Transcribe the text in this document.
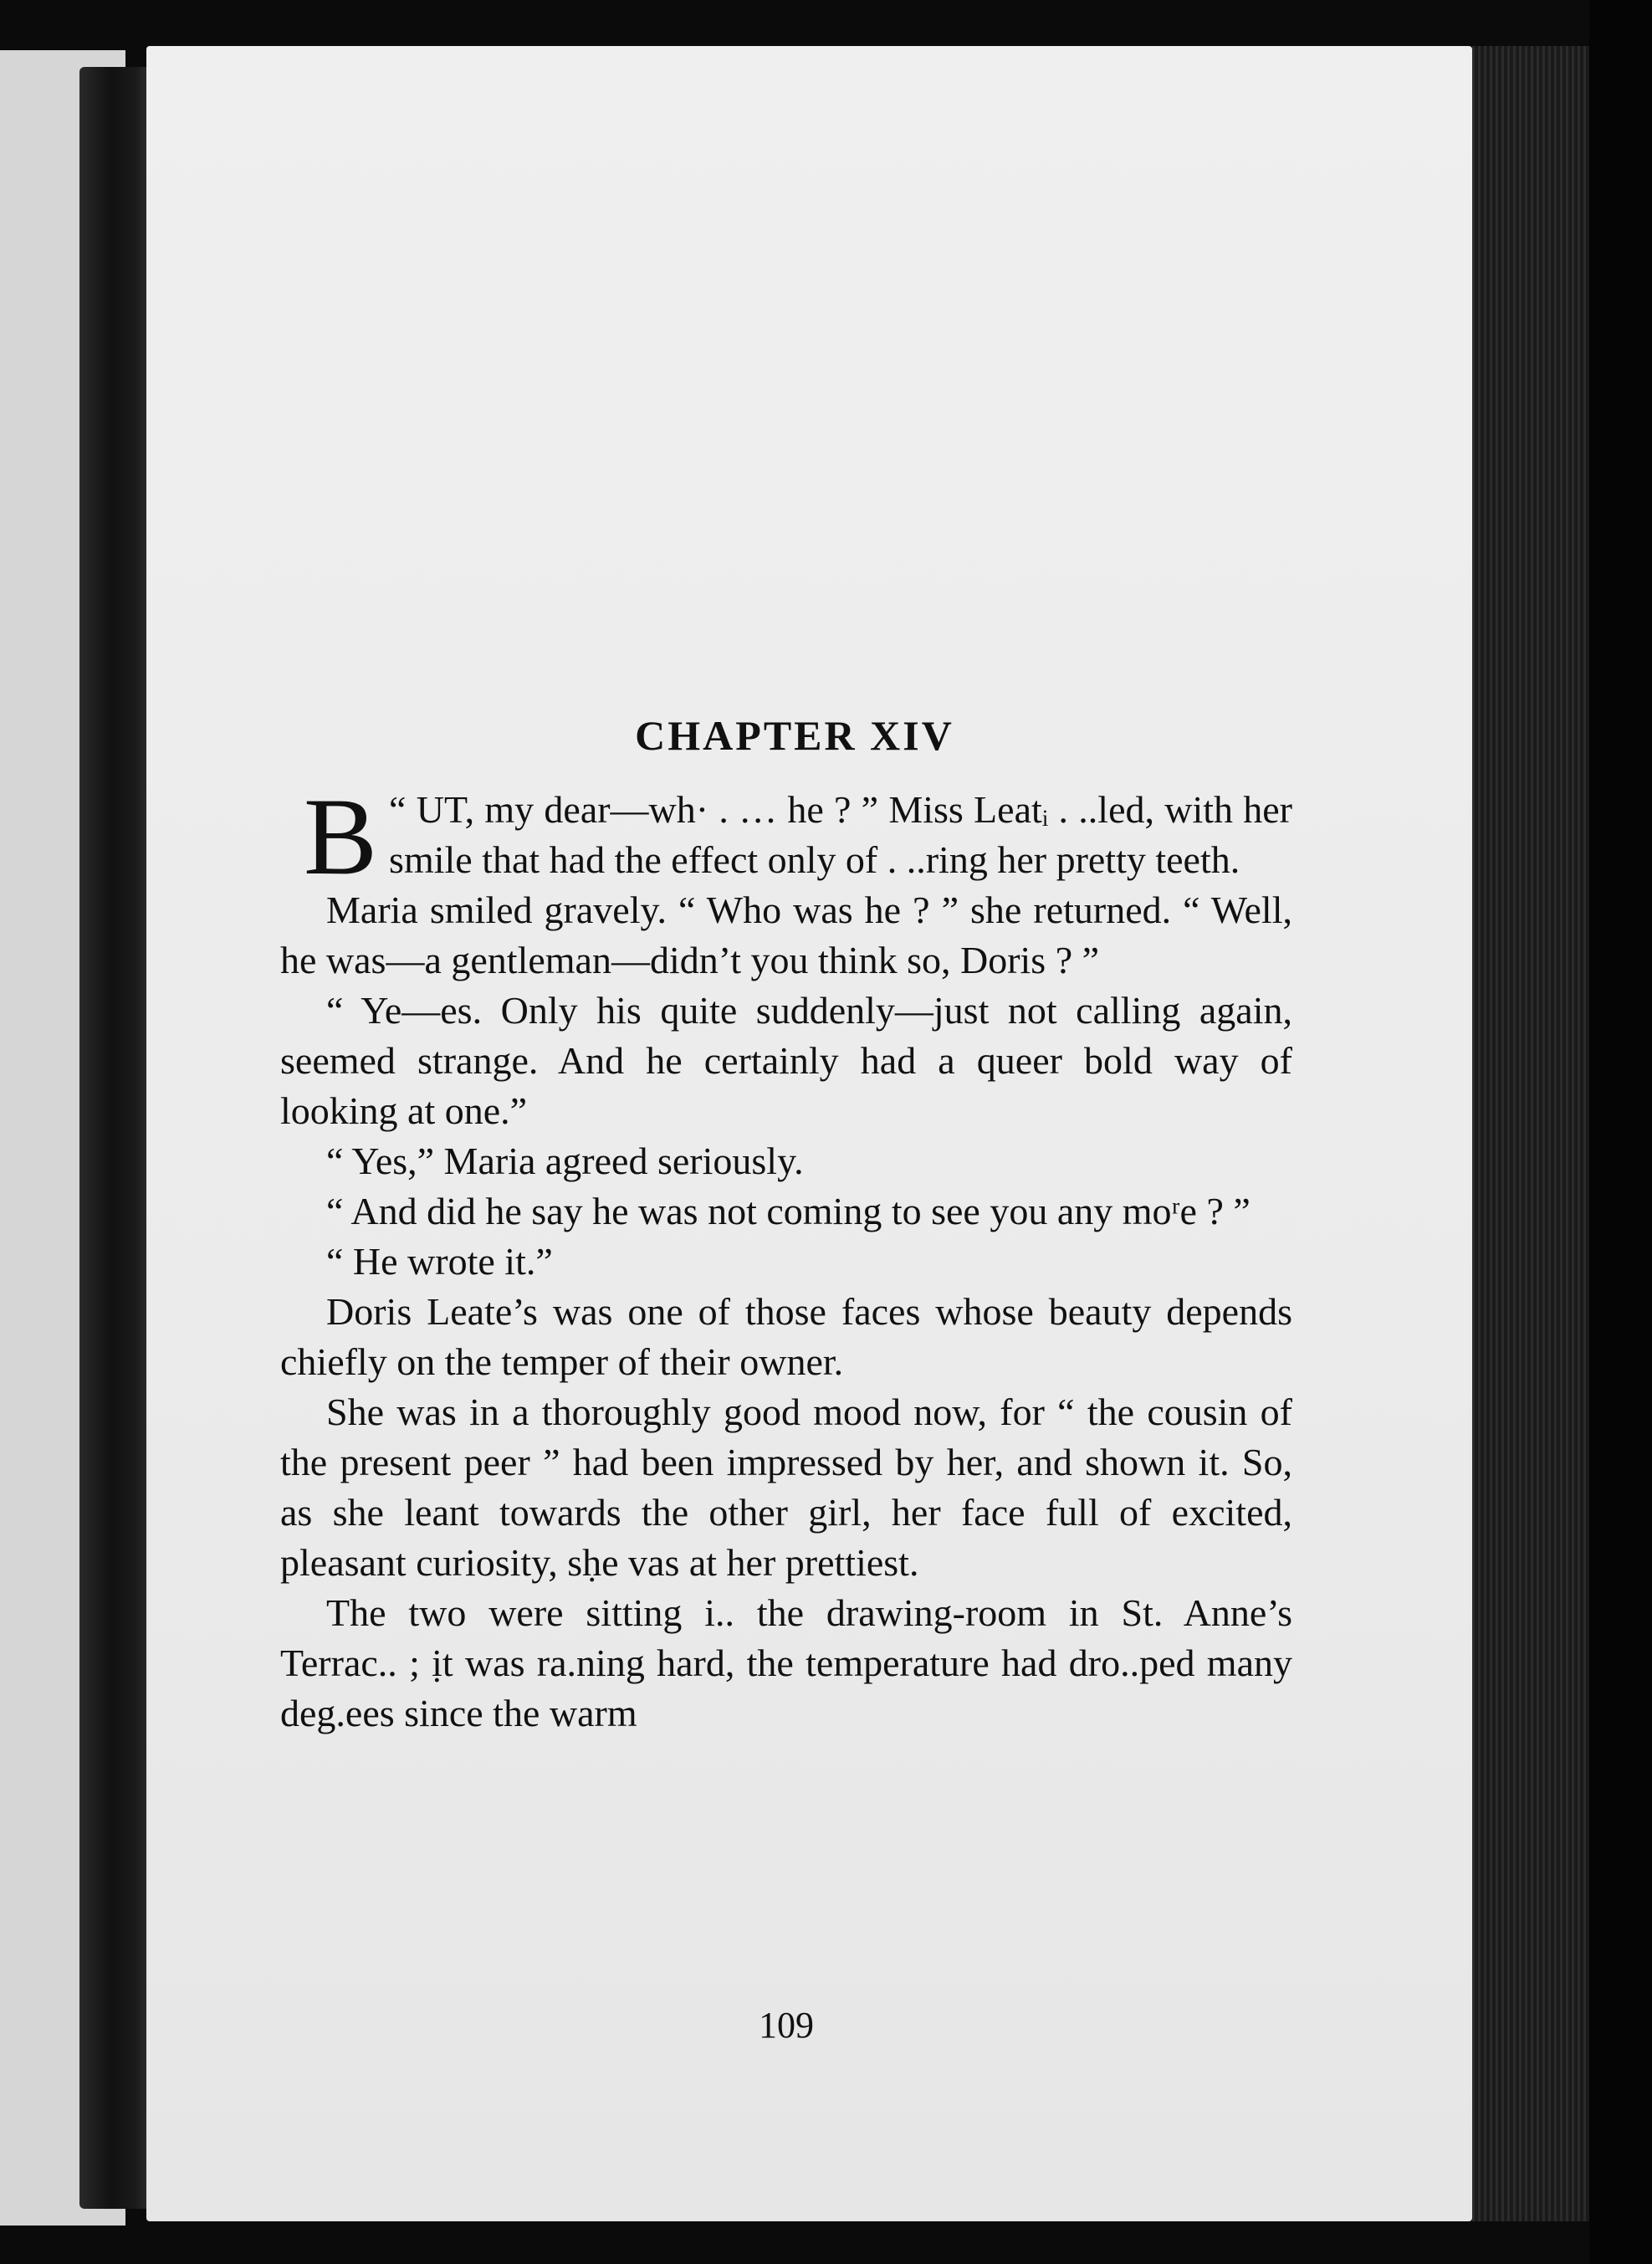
CHAPTER XIV

“
B UT, my dear—wh· . … he ? ” Miss Leatᵢ . ..led, with her smile that had the effect only of . ..ring her pretty teeth.

Maria smiled gravely. “ Who was he ? ” she returned. “ Well, he was—a gentleman—didn’t you think so, Doris ? ”

“ Ye—es. Only his quite suddenly—just not calling again, seemed strange. And he certainly had a queer bold way of looking at one.”

“ Yes,” Maria agreed seriously.

“ And did he say he was not coming to see you any moʳe ? ”

“ He wrote it.”

Doris Leate’s was one of those faces whose beauty depends chiefly on the temper of their owner.

She was in a thoroughly good mood now, for “ the cousin of the present peer ” had been impressed by her, and shown it. So, as she leant towards the other girl, her face full of excited, pleasant curiosity, sḥe ᴠas at her prettiest.

The two were sitting i.. the drawing-room in St. Anne’s Terrac.. ; ịt was ra.ning hard, the temperature had dro..ped many deg.ees since the warm

109
